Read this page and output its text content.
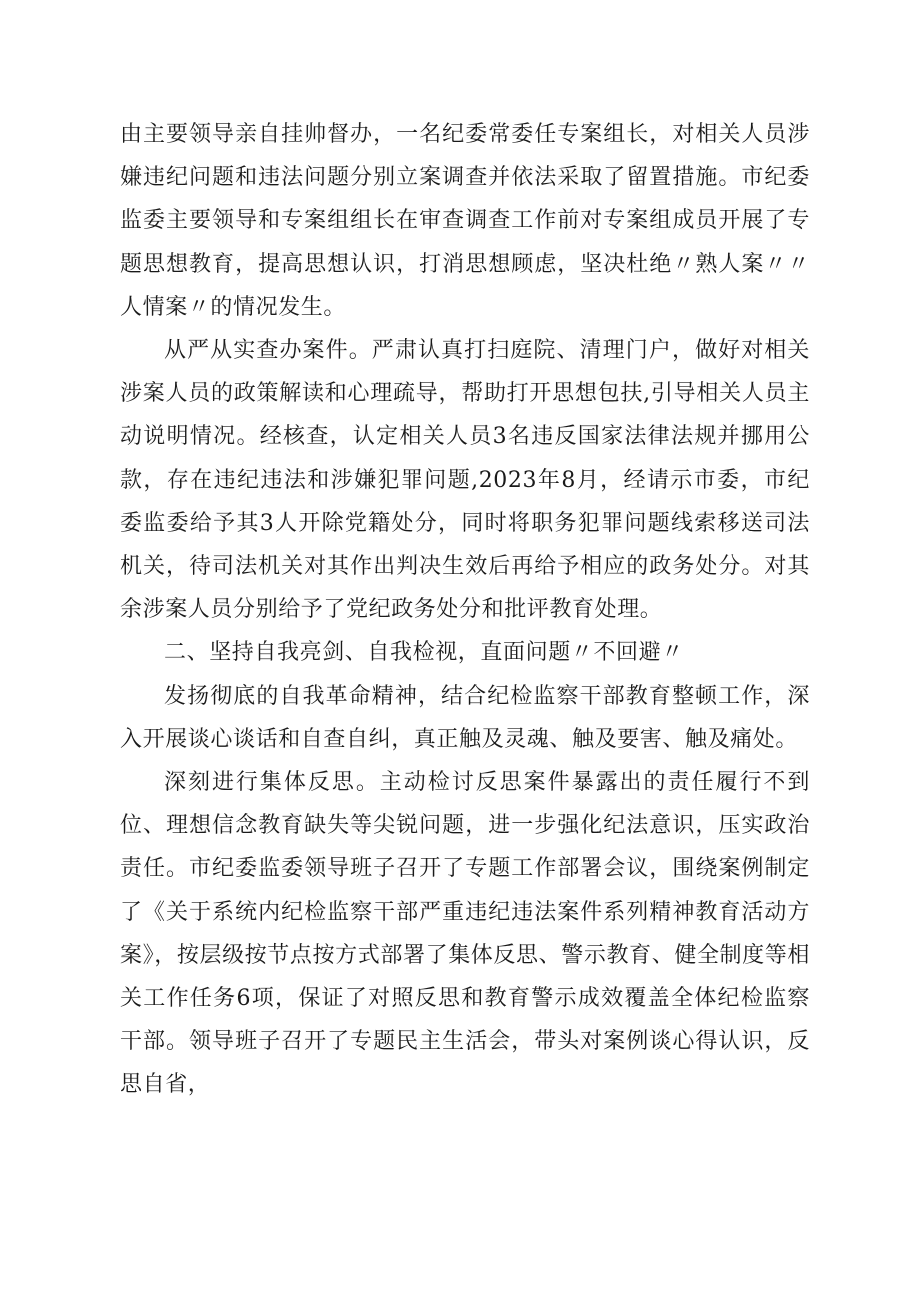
由主要领导亲自挂帅督办，一名纪委常委任专案组长，对相关人员涉嫌违纪问题和违法问题分别立案调查并依法采取了留置措施。市纪委监委主要领导和专案组组长在审查调查工作前对专案组成员开展了专题思想教育，提高思想认识，打消思想顾虑，坚决杜绝〃熟人案〃〃人情案〃的情况发生。

从严从实查办案件。严肃认真打扫庭院、清理门户，做好对相关涉案人员的政策解读和心理疏导，帮助打开思想包扶,引导相关人员主动说明情况。经核查，认定相关人员3名违反国家法律法规并挪用公款，存在违纪违法和涉嫌犯罪问题,2023年8月，经请示市委，市纪委监委给予其3人开除党籍处分，同时将职务犯罪问题线索移送司法机关，待司法机关对其作出判决生效后再给予相应的政务处分。对其余涉案人员分别给予了党纪政务处分和批评教育处理。

二、坚持自我亮剑、自我检视，直面问题〃不回避〃

发扬彻底的自我革命精神，结合纪检监察干部教育整顿工作，深入开展谈心谈话和自查自纠，真正触及灵魂、触及要害、触及痛处。

深刻进行集体反思。主动检讨反思案件暴露出的责任履行不到位、理想信念教育缺失等尖锐问题，进一步强化纪法意识，压实政治责任。市纪委监委领导班子召开了专题工作部署会议，围绕案例制定了《关于系统内纪检监察干部严重违纪违法案件系列精神教育活动方案》，按层级按节点按方式部署了集体反思、警示教育、健全制度等相关工作任务6项，保证了对照反思和教育警示成效覆盖全体纪检监察干部。领导班子召开了专题民主生活会，带头对案例谈心得认识，反思自省，
